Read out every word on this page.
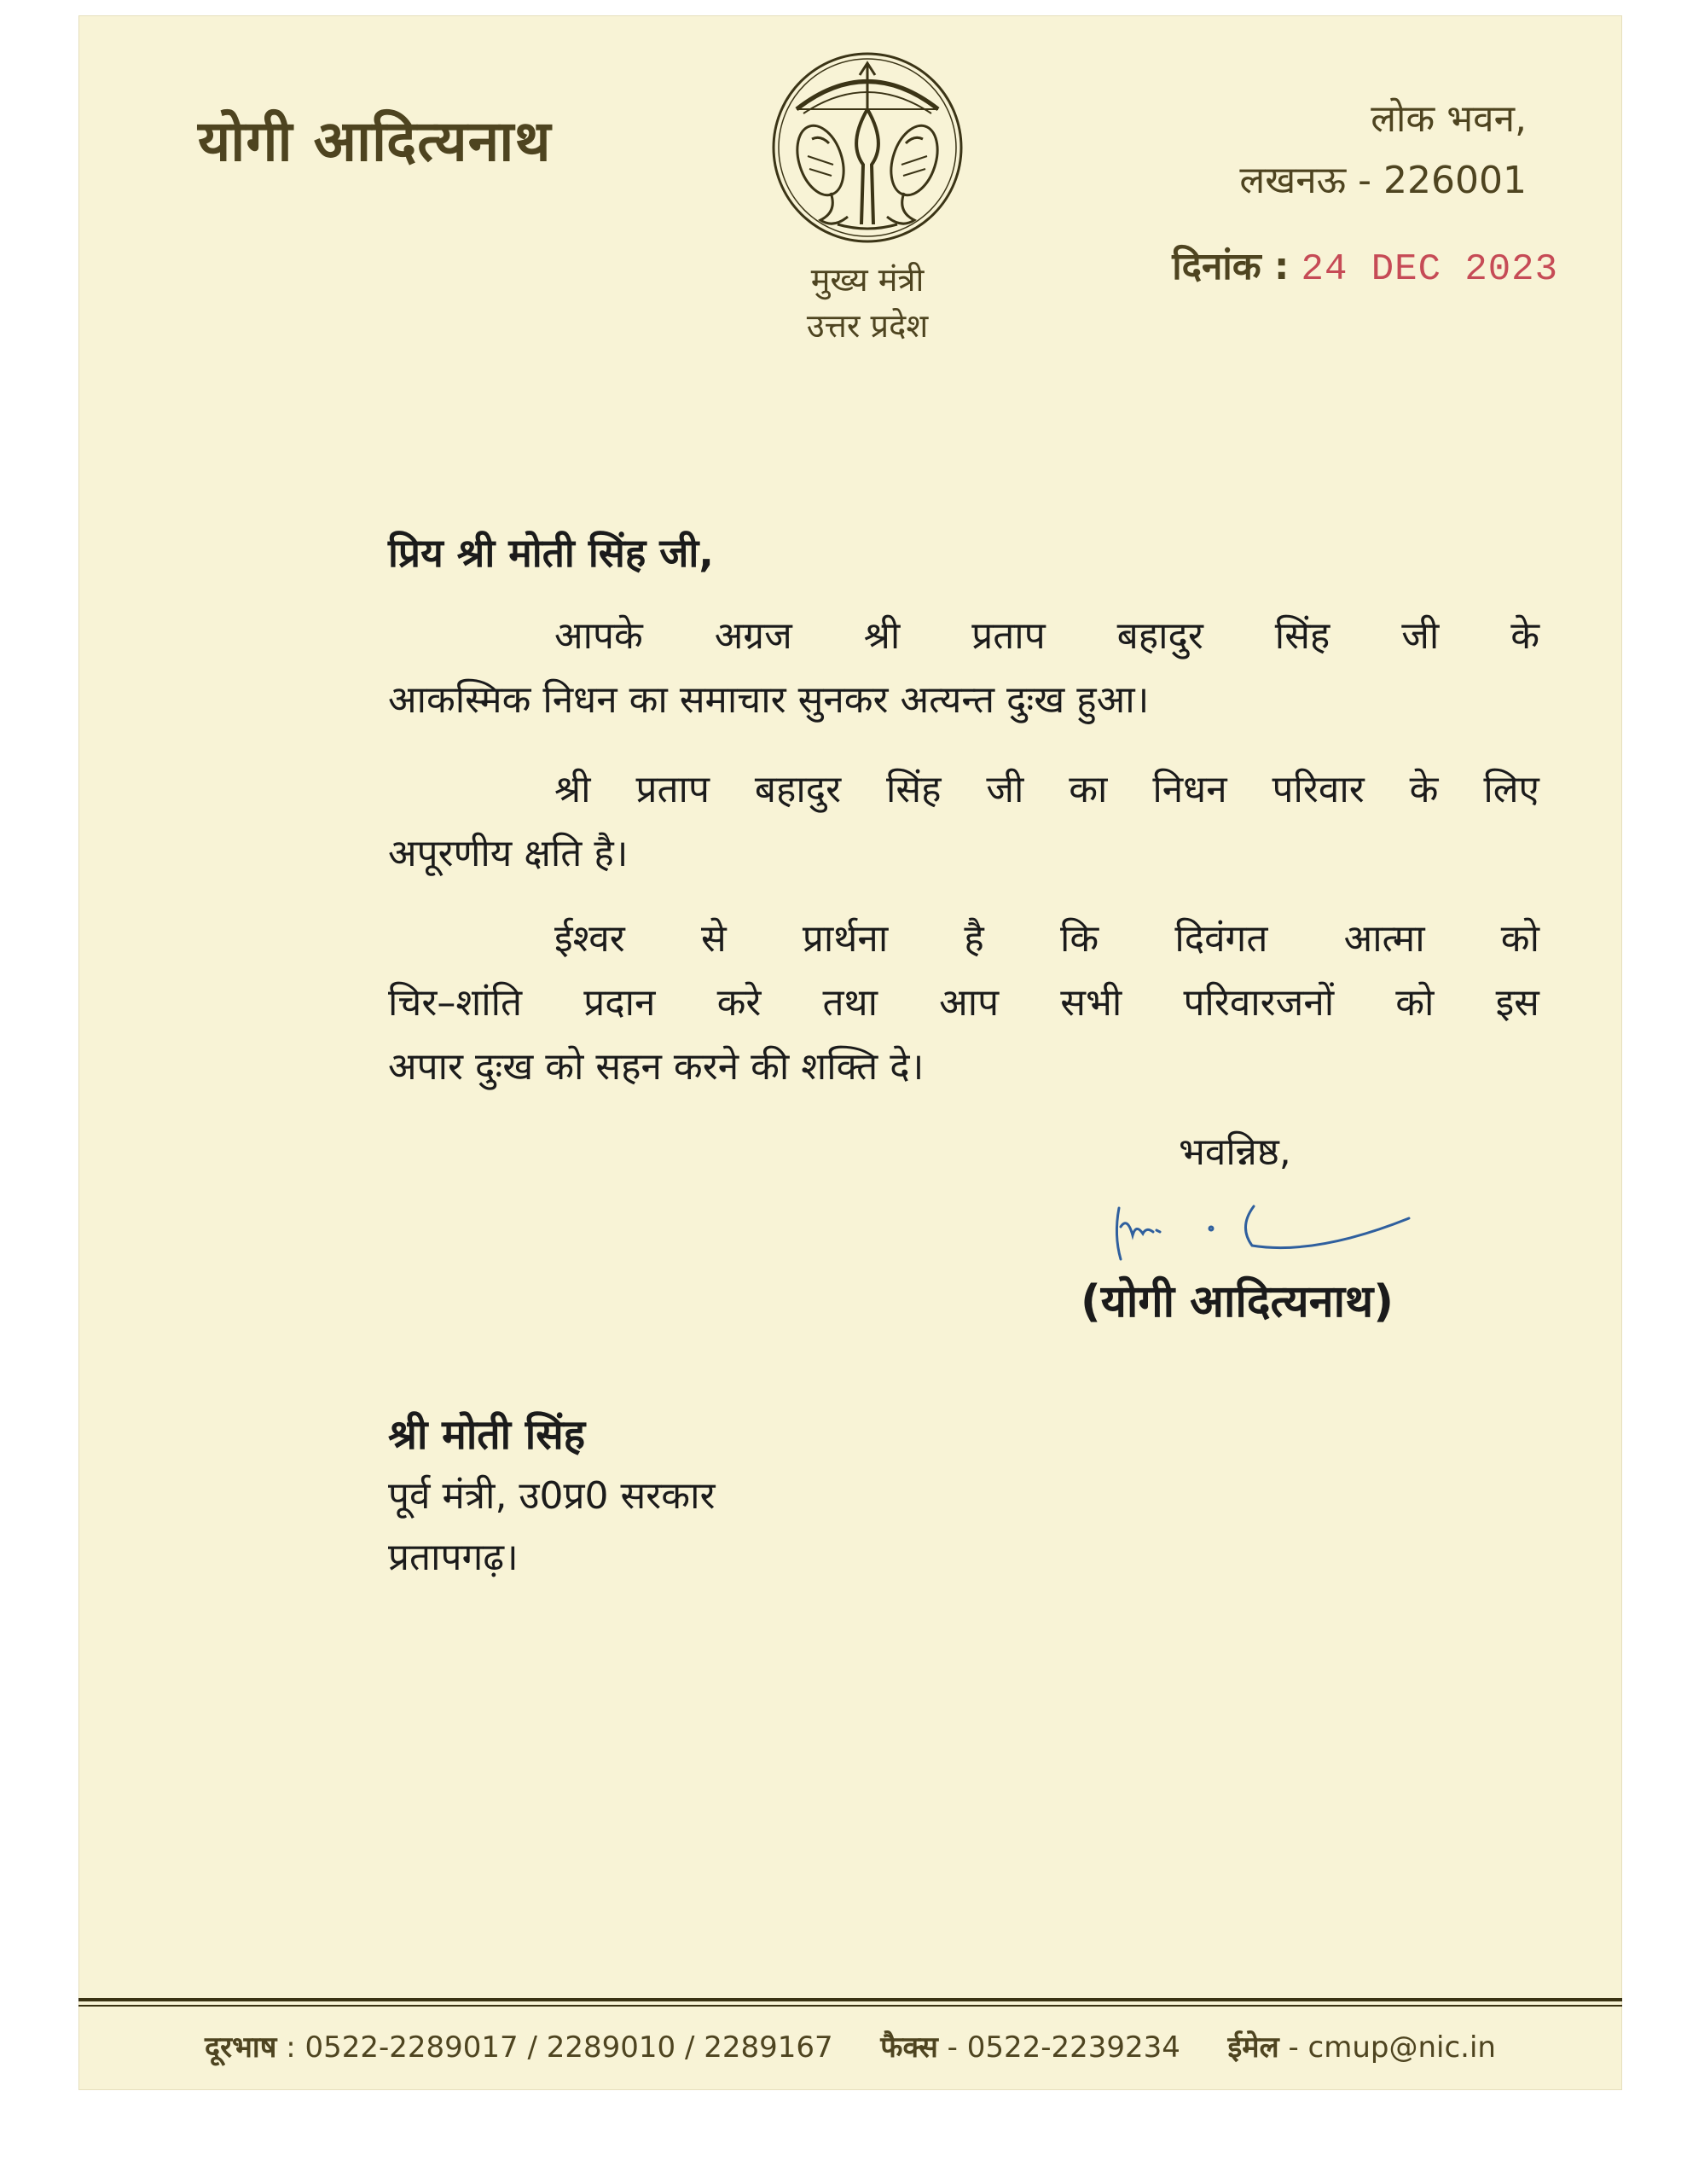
योगी आदित्यनाथ
मुख्य मंत्री
उत्तर प्रदेश
लोक भवन,
लखनऊ - 226001
दिनांक : 24 DEC 2023
प्रिय श्री मोती सिंह जी,
आपके अग्रज श्री प्रताप बहादुर सिंह जी के
आकस्मिक निधन का समाचार सुनकर अत्यन्त दुःख हुआ।
श्री प्रताप बहादुर सिंह जी का निधन परिवार के लिए
अपूरणीय क्षति है।
ईश्वर से प्रार्थना है कि दिवंगत आत्मा को
चिर–शांति प्रदान करे तथा आप सभी परिवारजनों को इस
अपार दुःख को सहन करने की शक्ति दे।
भवन्निष्ठ,
(योगी आदित्यनाथ)
श्री मोती सिंह
पूर्व मंत्री, उ0प्र0 सरकार
प्रतापगढ़।
दूरभाष : 0522-2289017 / 2289010 / 2289167 फैक्स - 0522-2239234 ईमेल - cmup@nic.in
